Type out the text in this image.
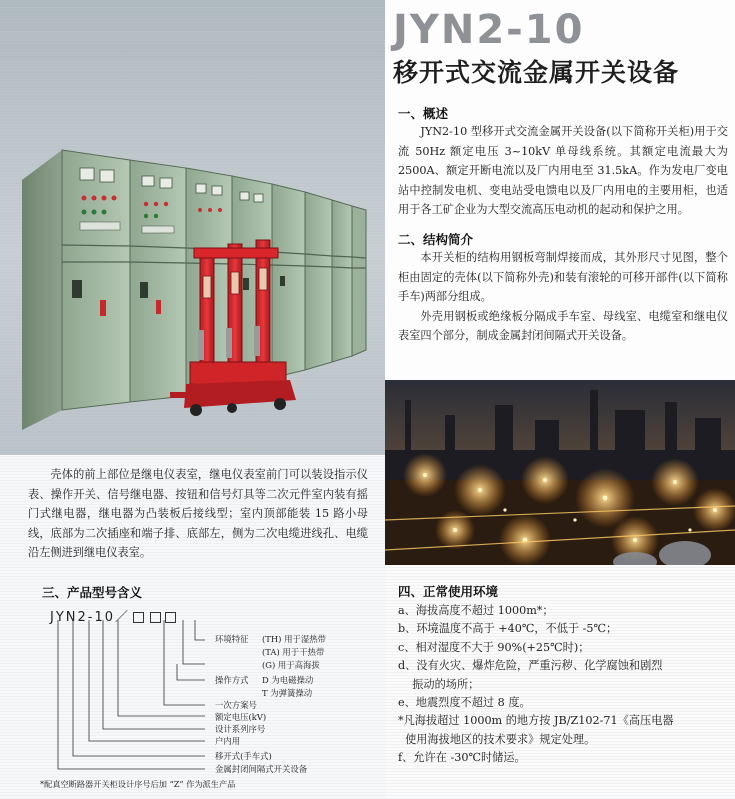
JYN2-10
移开式交流金属开关设备
一、概述

JYN2-10 型移开式交流金属开关设备(以下简称开关柜)用于交流 50Hz 额定电压 3~10kV 单母线系统。其额定电流最大为 2500A、额定开断电流以及厂内用电至 31.5kA。作为发电厂变电站中控制发电机、变电站受电馈电以及厂内用电的主要用柜，也适用于各工矿企业为大型交流高压电动机的起动和保护之用。

二、结构简介

本开关柜的结构用钢板弯制焊接而成，其外形尺寸见图，整个柜由固定的壳体(以下简称外壳)和装有滚轮的可移开部件(以下简称手车)两部分组成。

外壳用钢板或绝缘板分隔成手车室、母线室、电缆室和继电仪表室四个部分，制成金属封闭间隔式开关设备。

壳体的前上部位是继电仪表室，继电仪表室前门可以装设指示仪表、操作开关、信号继电器、按钮和信号灯具等二次元件室内装有摇门式继电器，继电器为凸装板后接线型；室内顶部能装 15 路小母线，底部为二次插座和端子排、底部左，侧为二次电缆进线孔、电缆沿左侧进到继电仪表室。

三、产品型号含义
JYN2-10／
环境特征 (TH) 用于湿热带
(TA) 用于干热带
(G) 用于高海拔
操作方式 D 为电磁操动
T 为弹簧操动
一次方案号
额定电压(kV)
设计系列序号
户内用
移开式(手车式)
金属封闭间隔式开关设备
*配真空断路器开关柜设计序号后加 “Z” 作为派生产品
四、正常使用环境
a、海拔高度不超过 1000m*；
b、环境温度不高于 +40℃，不低于 -5℃；
c、相对湿度不大于 90%(+25℃时)；
d、没有火灾、爆炸危险，严重污秽、化学腐蚀和剧烈
振动的场所；
e、地震烈度不超过 8 度。
*凡海拔超过 1000m 的地方按 JB/Z102-71《高压电器
使用海拔地区的技术要求》规定处理。
f、允许在 -30℃时储运。
